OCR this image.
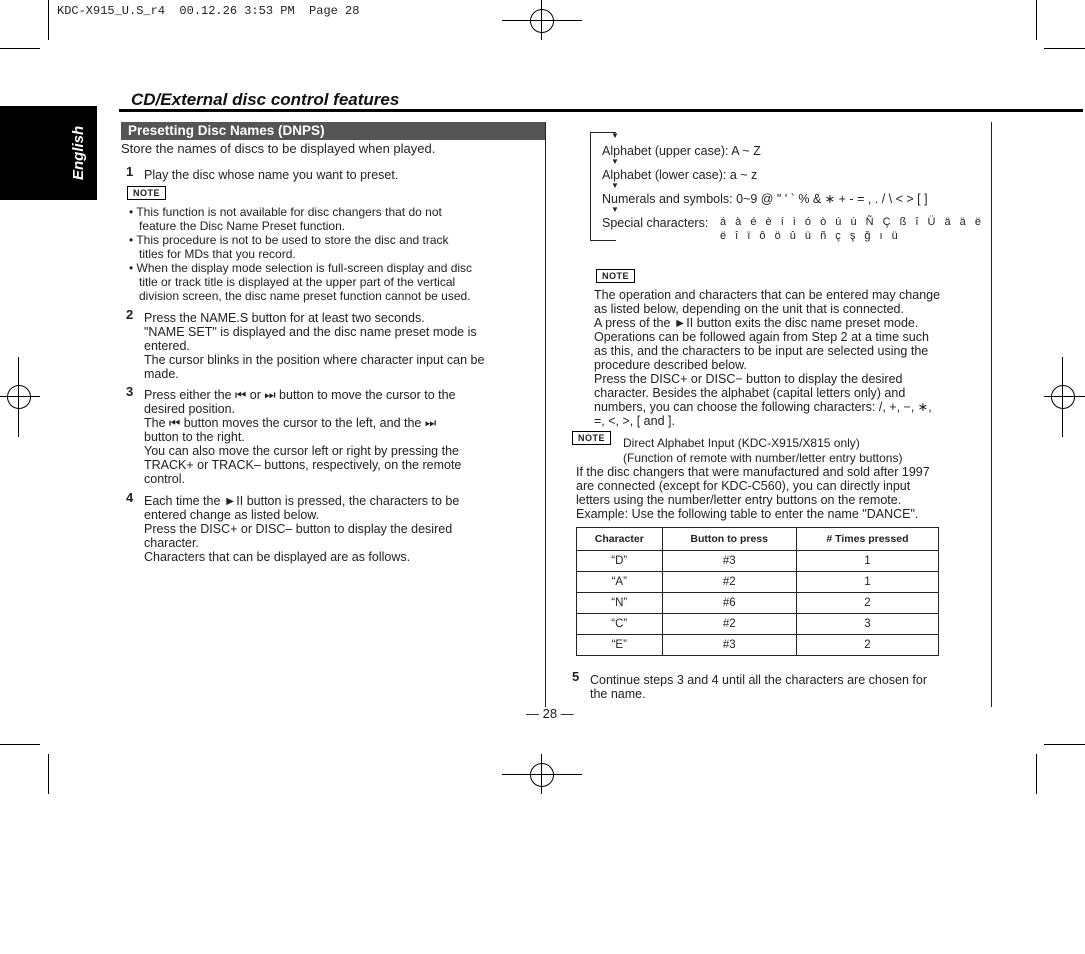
KDC-X915_U.S_r4  00.12.26 3:53 PM  Page 28
English
CD/External disc control features
Presetting Disc Names (DNPS)
Store the names of discs to be displayed when played.
1 Play the disc whose name you want to preset.
NOTE
• This function is not available for disc changers that do not
feature the Disc Name Preset function.
• This procedure is not to be used to store the disc and track
titles for MDs that you record.
• When the display mode selection is full-screen display and disc
title or track title is displayed at the upper part of the vertical
division screen, the disc name preset function cannot be used.
2 Press the NAME.S button for at least two seconds.
"NAME SET" is displayed and the disc name preset mode is
entered.
The cursor blinks in the position where character input can be
made.
3 Press either the ⏮ or ⏭ button to move the cursor to the
desired position.
The ⏮ button moves the cursor to the left, and the ⏭
button to the right.
You can also move the cursor left or right by pressing the
TRACK+ or TRACK– buttons, respectively, on the remote
control.
4 Each time the ►II button is pressed, the characters to be
entered change as listed below.
Press the DISC+ or DISC– button to display the desired
character.
Characters that can be displayed are as follows.
▼
Alphabet (upper case): A ~ Z
▼
Alphabet (lower case): a ~ z
▼
Numerals and symbols: 0~9 @ " ' ` % & ∗ + - = , . / \ < > [ ]
▼
Special characters: á à é è í ì ó ò ú ù Ñ Ç ß î Ü ä ä ë
ë î ï ô ö û ü ñ ç ş ğ ı ü
NOTE
The operation and characters that can be entered may change
as listed below, depending on the unit that is connected.
A press of the ►II button exits the disc name preset mode.
Operations can be followed again from Step 2 at a time such
as this, and the characters to be input are selected using the
procedure described below.
Press the DISC+ or DISC− button to display the desired
character. Besides the alphabet (capital letters only) and
numbers, you can choose the following characters: /, +, −, ∗,
=, <, >, [ and ].
NOTE	Direct Alphabet Input (KDC-X915/X815 only)
(Function of remote with number/letter entry buttons)
If the disc changers that were manufactured and sold after 1997
are connected (except for KDC-C560), you can directly input
letters using the number/letter entry buttons on the remote.
Example: Use the following table to enter the name "DANCE".
Character	Button to press	# Times pressed
“D”	#3	1
“A”	#2	1
“N”	#6	2
“C”	#2	3
“E”	#3	2
5 Continue steps 3 and 4 until all the characters are chosen for
the name.
— 28 —
